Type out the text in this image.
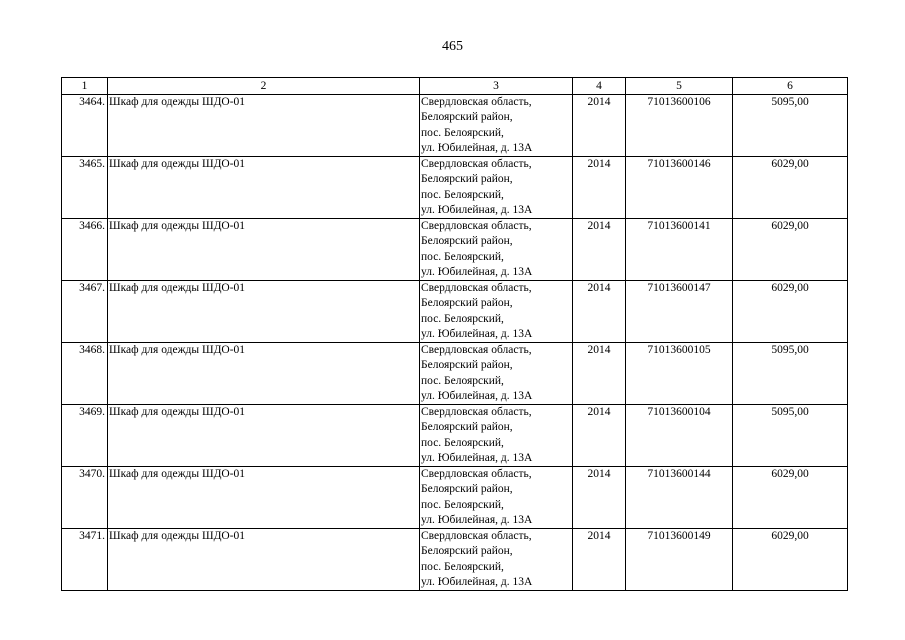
465
1	2	3	4	5	6
3464.	Шкаф для одежды ШДО-01	Свердловская область,
Белоярский район,
пос. Белоярский,
ул. Юбилейная, д. 13А	2014	71013600106	5095,00
3465.	Шкаф для одежды ШДО-01	Свердловская область,
Белоярский район,
пос. Белоярский,
ул. Юбилейная, д. 13А	2014	71013600146	6029,00
3466.	Шкаф для одежды ШДО-01	Свердловская область,
Белоярский район,
пос. Белоярский,
ул. Юбилейная, д. 13А	2014	71013600141	6029,00
3467.	Шкаф для одежды ШДО-01	Свердловская область,
Белоярский район,
пос. Белоярский,
ул. Юбилейная, д. 13А	2014	71013600147	6029,00
3468.	Шкаф для одежды ШДО-01	Свердловская область,
Белоярский район,
пос. Белоярский,
ул. Юбилейная, д. 13А	2014	71013600105	5095,00
3469.	Шкаф для одежды ШДО-01	Свердловская область,
Белоярский район,
пос. Белоярский,
ул. Юбилейная, д. 13А	2014	71013600104	5095,00
3470.	Шкаф для одежды ШДО-01	Свердловская область,
Белоярский район,
пос. Белоярский,
ул. Юбилейная, д. 13А	2014	71013600144	6029,00
3471.	Шкаф для одежды ШДО-01	Свердловская область,
Белоярский район,
пос. Белоярский,
ул. Юбилейная, д. 13А	2014	71013600149	6029,00
